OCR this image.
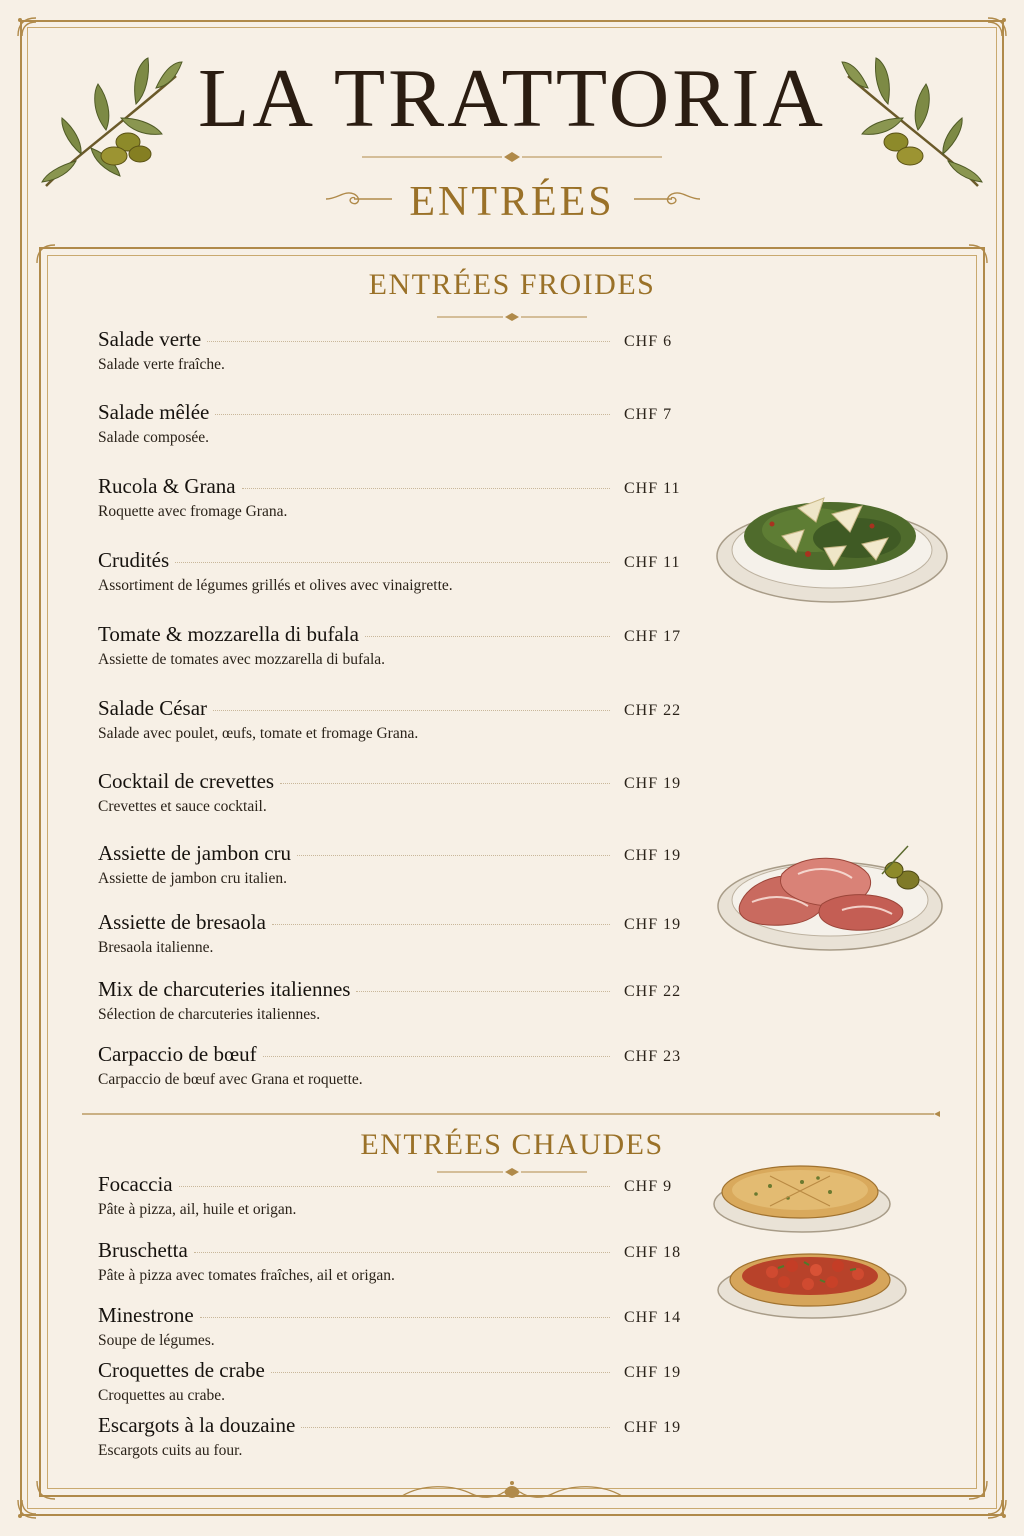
LA TRATTORIA
ENTRÉES
ENTRÉES FROIDES
Salade verte	CHF 6
Salade verte fraîche.
Salade mêlée	CHF 7
Salade composée.
Rucola & Grana	CHF 11
Roquette avec fromage Grana.
Crudités	CHF 11
Assortiment de légumes grillés et olives avec vinaigrette.
Tomate & mozzarella di bufala	CHF 17
Assiette de tomates avec mozzarella di bufala.
Salade César	CHF 22
Salade avec poulet, œufs, tomate et fromage Grana.
Cocktail de crevettes	CHF 19
Crevettes et sauce cocktail.
Assiette de jambon cru	CHF 19
Assiette de jambon cru italien.
Assiette de bresaola	CHF 19
Bresaola italienne.
Mix de charcuteries italiennes	CHF 22
Sélection de charcuteries italiennes.
Carpaccio de bœuf	CHF 23
Carpaccio de bœuf avec Grana et roquette.
ENTRÉES CHAUDES
Focaccia	CHF 9
Pâte à pizza, ail, huile et origan.
Bruschetta	CHF 18
Pâte à pizza avec tomates fraîches, ail et origan.
Minestrone	CHF 14
Soupe de légumes.
Croquettes de crabe	CHF 19
Croquettes au crabe.
Escargots à la douzaine	CHF 19
Escargots cuits au four.
